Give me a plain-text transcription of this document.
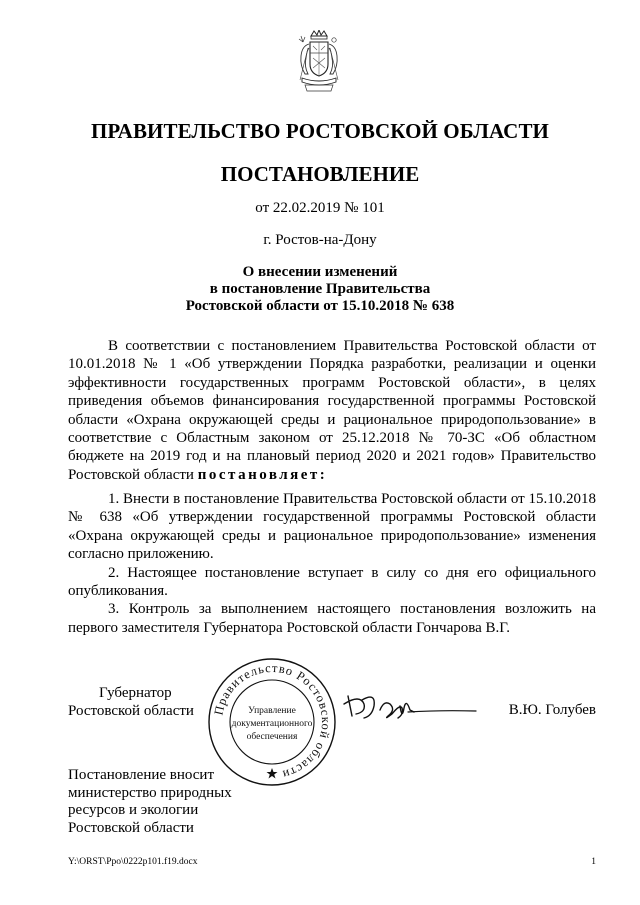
ПРАВИТЕЛЬСТВО РОСТОВСКОЙ ОБЛАСТИ
ПОСТАНОВЛЕНИЕ
от 22.02.2019 № 101
г. Ростов-на-Дону
О внесении изменений
в постановление Правительства
Ростовской области от 15.10.2018 № 638
В соответствии с постановлением Правительства Ростовской области от 10.01.2018 № 1 «Об утверждении Порядка разработки, реализации и оценки эффективности государственных программ Ростовской области», в целях приведения объемов финансирования государственной программы Ростовской области «Охрана окружающей среды и рациональное природопользование» в соответствие с Областным законом от 25.12.2018 № 70-ЗС «Об областном бюджете на 2019 год и на плановый период 2020 и 2021 годов» Правительство Ростовской области постановляет:

1. Внести в постановление Правительства Ростовской области от 15.10.2018 № 638 «Об утверждении государственной программы Ростовской области «Охрана окружающей среды и рациональное природопользование» изменения согласно приложению.

2. Настоящее постановление вступает в силу со дня его официального опубликования.

3. Контроль за выполнением настоящего постановления возложить на первого заместителя Губернатора Ростовской области Гончарова В.Г.

Губернатор
Ростовской области Правительство Ростовской области
Управление
документационного
обеспечения
В.Ю. Голубев
Постановление вносит
министерство природных
ресурсов и экологии
Ростовской области
Y:\ORST\Ppo\0222p101.f19.docx	1
